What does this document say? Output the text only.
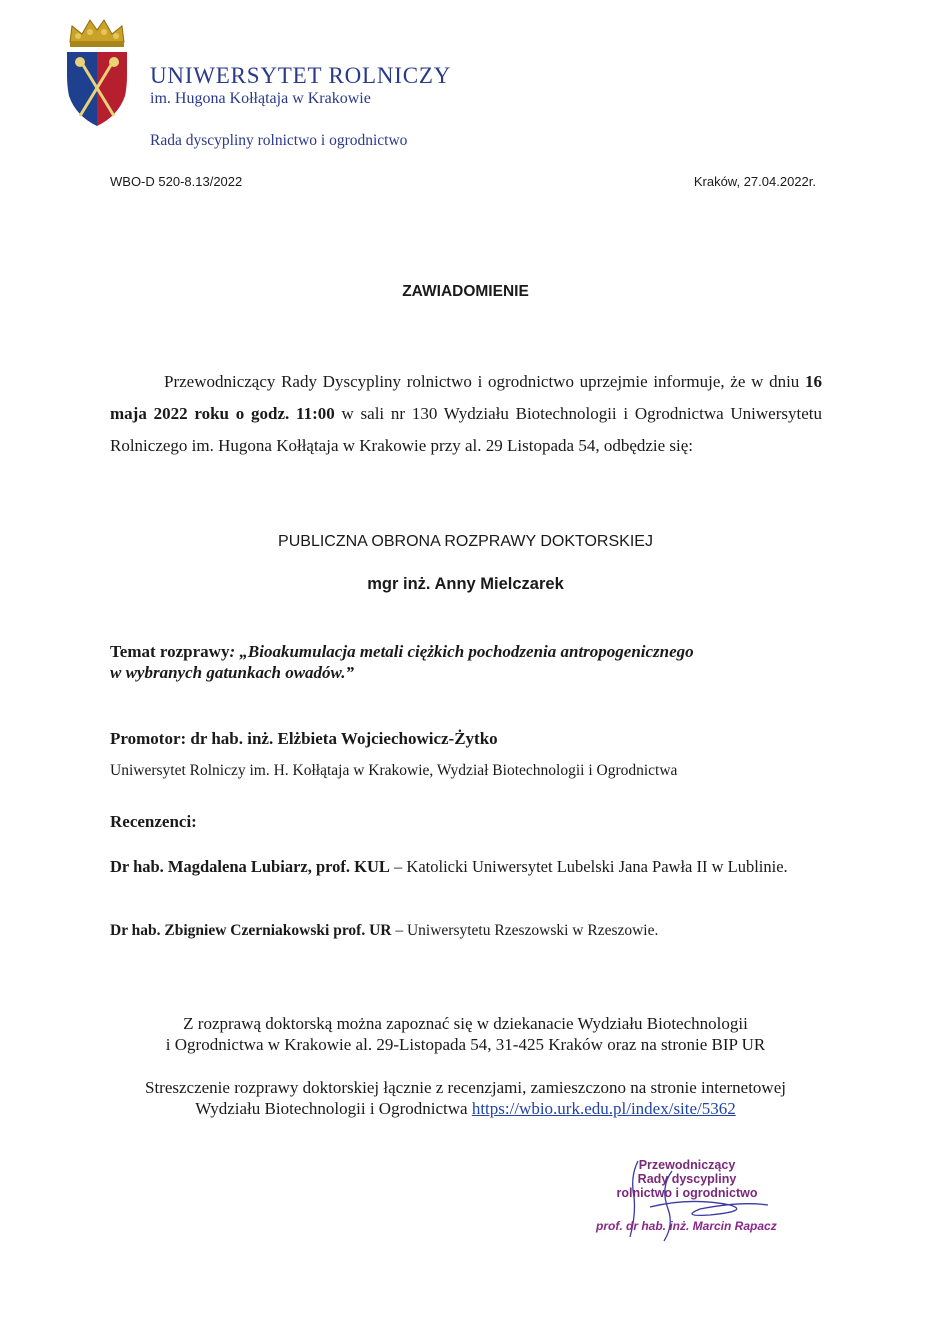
UNIWERSYTET ROLNICZY
im. Hugona Kołłątaja w Krakowie
Rada dyscypliny rolnictwo i ogrodnictwo
WBO-D 520-8.13/2022	Kraków, 27.04.2022r.
ZAWIADOMIENIE
Przewodniczący Rady Dyscypliny rolnictwo i ogrodnictwo uprzejmie informuje, że w dniu 16 maja 2022 roku o godz. 11:00 w sali nr 130 Wydziału Biotechnologii i Ogrodnictwa Uniwersytetu Rolniczego im. Hugona Kołłątaja w Krakowie przy al. 29 Listopada 54, odbędzie się:
PUBLICZNA OBRONA ROZPRAWY DOKTORSKIEJ
mgr inż. Anny Mielczarek
Temat rozprawy: „Bioakumulacja metali ciężkich pochodzenia antropogenicznego
w wybranych gatunkach owadów.”
Promotor: dr hab. inż. Elżbieta Wojciechowicz-Żytko
Uniwersytet Rolniczy im. H. Kołłątaja w Krakowie, Wydział Biotechnologii i Ogrodnictwa
Recenzenci:
Dr hab. Magdalena Lubiarz, prof. KUL – Katolicki Uniwersytet Lubelski Jana Pawła II w Lublinie.
Dr hab. Zbigniew Czerniakowski prof. UR – Uniwersytetu Rzeszowski w Rzeszowie.
Z rozprawą doktorską można zapoznać się w dziekanacie Wydziału Biotechnologii
i Ogrodnictwa w Krakowie al. 29-Listopada 54, 31-425 Kraków oraz na stronie BIP UR
Streszczenie rozprawy doktorskiej łącznie z recenzjami, zamieszczono na stronie internetowej
Wydziału Biotechnologii i Ogrodnictwa https://wbio.urk.edu.pl/index/site/5362
Przewodniczący
Rady dyscypliny
rolnictwo i ogrodnictwo
prof. dr hab. inż. Marcin Rapacz
